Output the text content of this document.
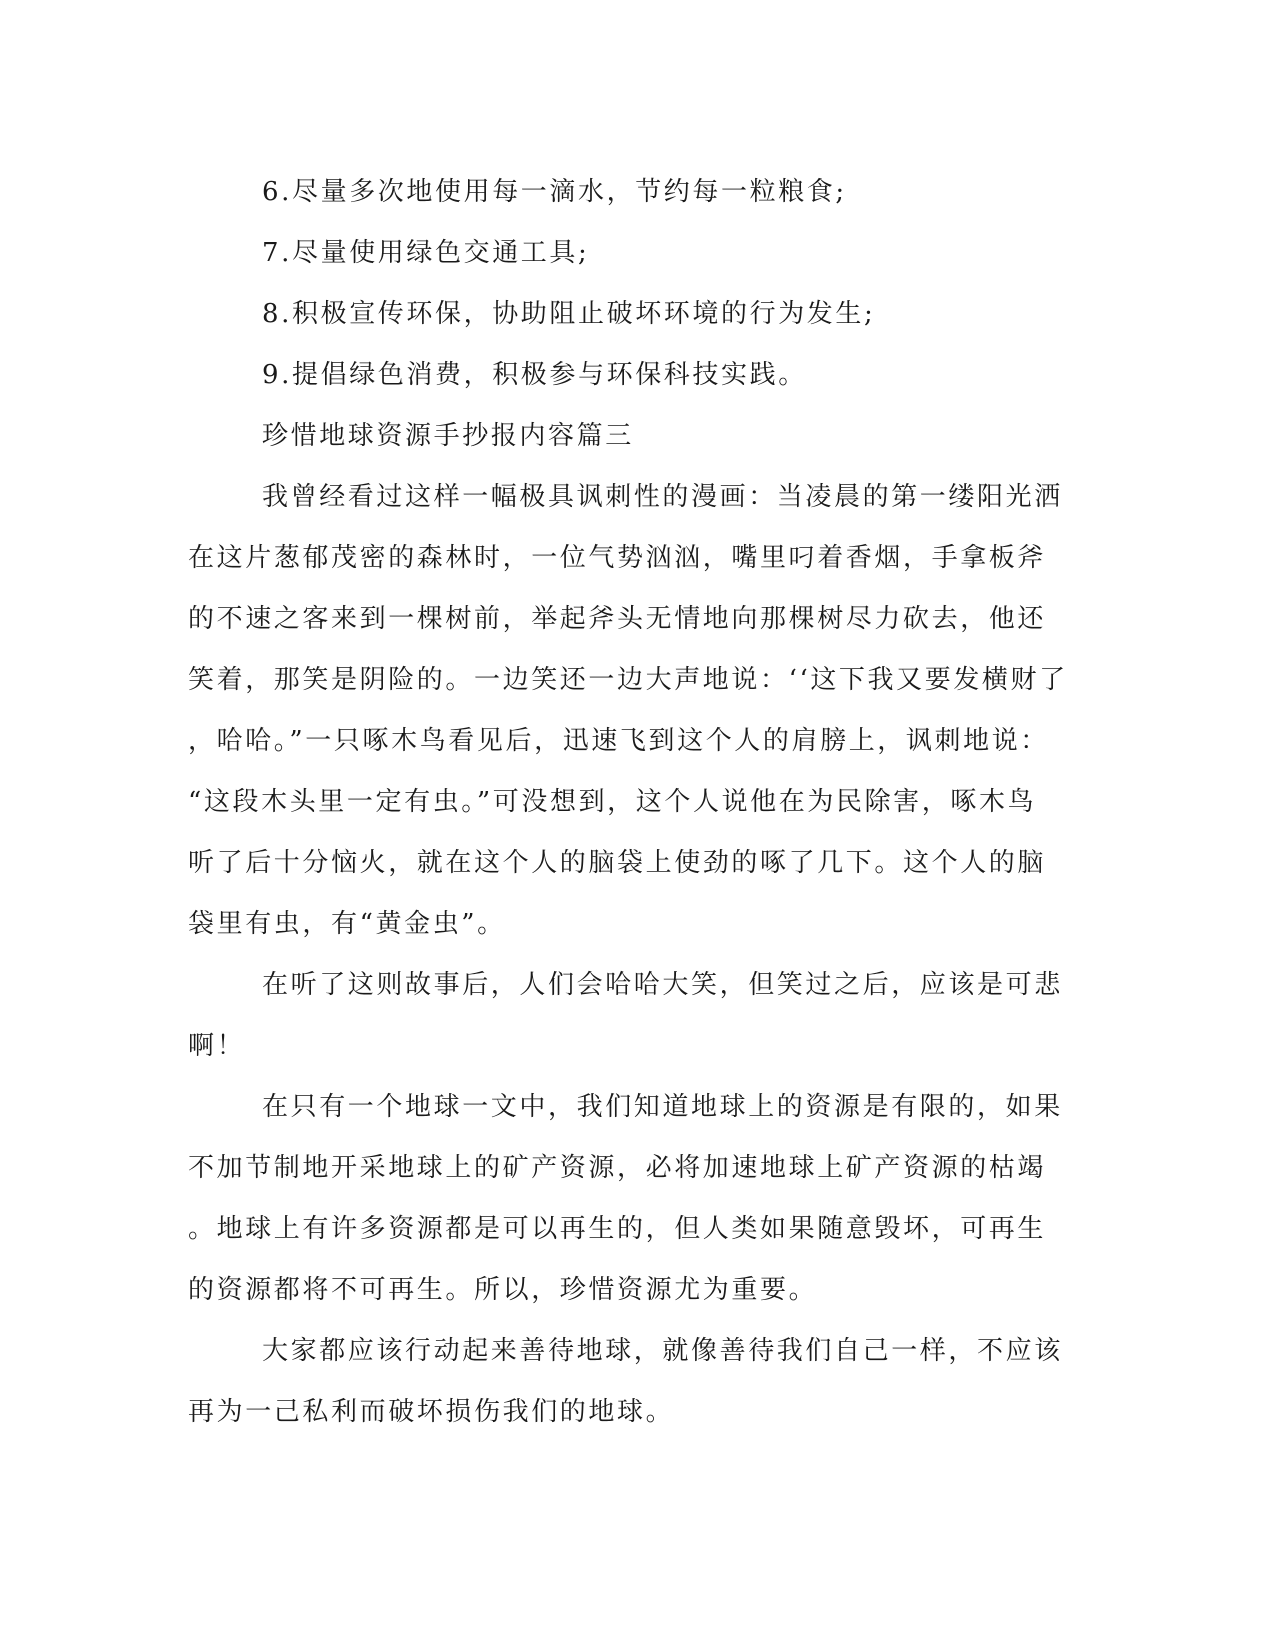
6.尽量多次地使用每一滴水，节约每一粒粮食;
7.尽量使用绿色交通工具;
8.积极宣传环保，协助阻止破坏环境的行为发生;
9.提倡绿色消费，积极参与环保科技实践。
珍惜地球资源手抄报内容篇三
我曾经看过这样一幅极具讽刺性的漫画：当凌晨的第一缕阳光洒
在这片葱郁茂密的森林时，一位气势汹汹，嘴里叼着香烟，手拿板斧
的不速之客来到一棵树前，举起斧头无情地向那棵树尽力砍去，他还
笑着，那笑是阴险的。一边笑还一边大声地说：‘‘这下我又要发横财了
，哈哈。”一只啄木鸟看见后，迅速飞到这个人的肩膀上，讽刺地说：
“这段木头里一定有虫。”可没想到，这个人说他在为民除害，啄木鸟
听了后十分恼火，就在这个人的脑袋上使劲的啄了几下。这个人的脑
袋里有虫，有“黄金虫”。
在听了这则故事后，人们会哈哈大笑，但笑过之后，应该是可悲
啊！
在只有一个地球一文中，我们知道地球上的资源是有限的，如果
不加节制地开采地球上的矿产资源，必将加速地球上矿产资源的枯竭
。地球上有许多资源都是可以再生的，但人类如果随意毁坏，可再生
的资源都将不可再生。所以，珍惜资源尤为重要。
大家都应该行动起来善待地球，就像善待我们自己一样，不应该
再为一己私利而破坏损伤我们的地球。
